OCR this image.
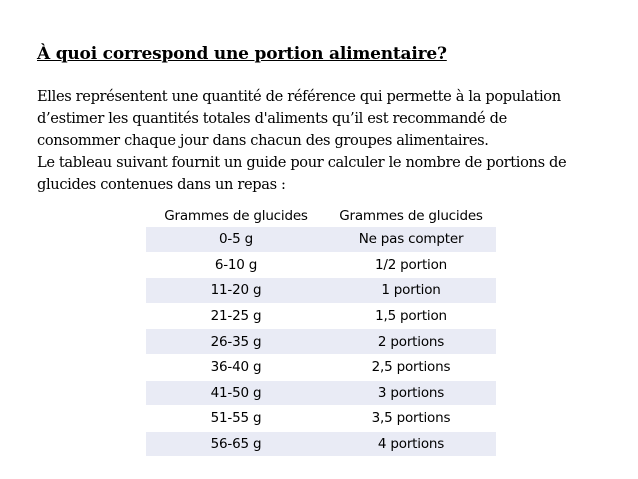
À quoi correspond une portion alimentaire?
Elles représentent une quantité de référence qui permette à la population
d’estimer les quantités totales d'aliments qu’il est recommandé de
consommer chaque jour dans chacun des groupes alimentaires.
Le tableau suivant fournit un guide pour calculer le nombre de portions de
glucides contenues dans un repas :
Grammes de glucides	Grammes de glucides
0-5 g	Ne pas compter
6-10 g	1/2 portion
11-20 g	1 portion
21-25 g	1,5 portion
26-35 g	2 portions
36-40 g	2,5 portions
41-50 g	3 portions
51-55 g	3,5 portions
56-65 g	4 portions
